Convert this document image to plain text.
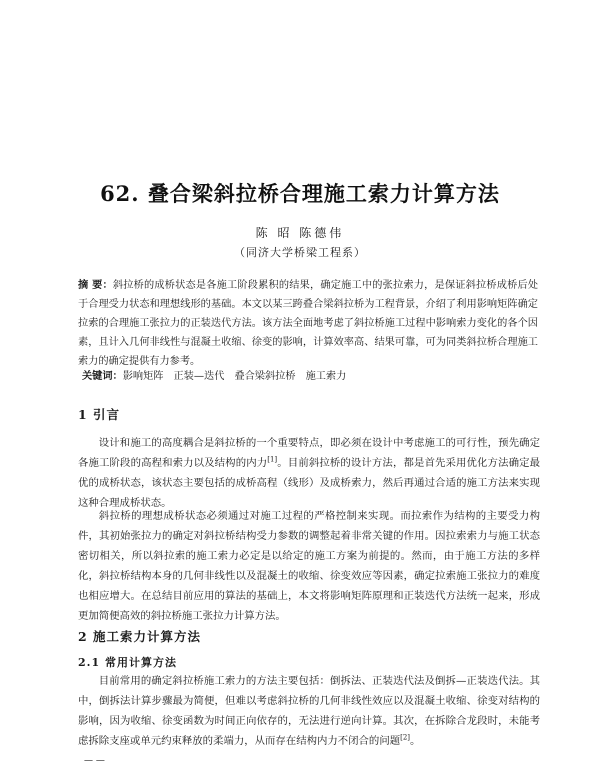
62. 叠合梁斜拉桥合理施工索力计算方法
陈 昭 陈德伟
（同济大学桥梁工程系）
摘 要：斜拉桥的成桥状态是各施工阶段累积的结果，确定施工中的张拉索力，是保证斜拉桥成桥后处于合理受力状态和理想线形的基础。本文以某三跨叠合梁斜拉桥为工程背景，介绍了利用影响矩阵确定拉索的合理施工张拉力的正装迭代方法。该方法全面地考虑了斜拉桥施工过程中影响索力变化的各个因素，且计入几何非线性与混凝土收缩、徐变的影响，计算效率高、结果可靠，可为同类斜拉桥合理施工索力的确定提供有力参考。
关键词：影响矩阵 正装—迭代 叠合梁斜拉桥 施工索力
1 引言
设计和施工的高度耦合是斜拉桥的一个重要特点，即必须在设计中考虑施工的可行性，预先确定各施工阶段的高程和索力以及结构的内力[1]。目前斜拉桥的设计方法，都是首先采用优化方法确定最优的成桥状态，该状态主要包括的成桥高程（线形）及成桥索力，然后再通过合适的施工方法来实现这种合理成桥状态。
斜拉桥的理想成桥状态必须通过对施工过程的严格控制来实现。而拉索作为结构的主要受力构件，其初始张拉力的确定对斜拉桥结构受力参数的调整起着非常关键的作用。因拉索索力与施工状态密切相关，所以斜拉索的施工索力必定是以给定的施工方案为前提的。然而，由于施工方法的多样化，斜拉桥结构本身的几何非线性以及混凝土的收缩、徐变效应等因素，确定拉索施工张拉力的难度也相应增大。在总结目前应用的算法的基础上，本文将影响矩阵原理和正装迭代方法统一起来，形成更加简便高效的斜拉桥施工张拉力计算方法。
2 施工索力计算方法
2.1 常用计算方法
目前常用的确定斜拉桥施工索力的方法主要包括：倒拆法、正装迭代法及倒拆—正装迭代法。其中，倒拆法计算步骤最为简便，但难以考虑斜拉桥的几何非线性效应以及混凝土收缩、徐变对结构的影响，因为收缩、徐变函数为时间正向依存的，无法进行逆向计算。其次，在拆除合龙段时，未能考虑拆除支座或单元约束释放的柔端力，从而存在结构内力不闭合的问题[2]。
— —
